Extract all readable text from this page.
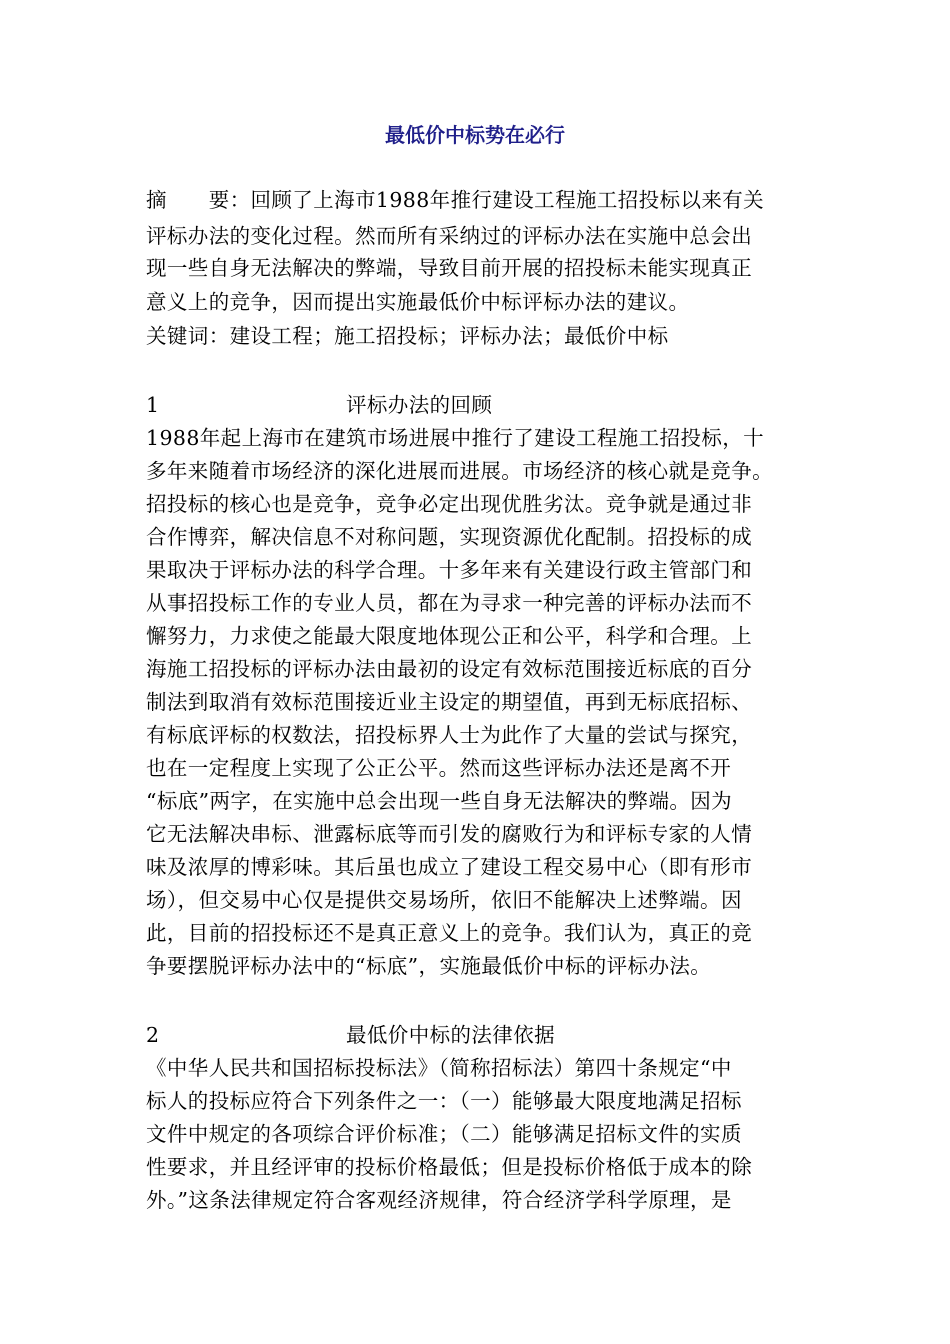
最低价中标势在必行
摘　　要：回顾了上海市1988年推行建设工程施工招投标以来有关
评标办法的变化过程。然而所有采纳过的评标办法在实施中总会出
现一些自身无法解决的弊端，导致目前开展的招投标未能实现真正
意义上的竞争，因而提出实施最低价中标评标办法的建议。
关键词：建设工程；施工招投标；评标办法；最低价中标
1	评标办法的回顾
1988年起上海市在建筑市场进展中推行了建设工程施工招投标，十
多年来随着市场经济的深化进展而进展。市场经济的核心就是竞争。
招投标的核心也是竞争，竞争必定出现优胜劣汰。竞争就是通过非
合作博弈，解决信息不对称问题，实现资源优化配制。招投标的成
果取决于评标办法的科学合理。十多年来有关建设行政主管部门和
从事招投标工作的专业人员，都在为寻求一种完善的评标办法而不
懈努力，力求使之能最大限度地体现公正和公平，科学和合理。上
海施工招投标的评标办法由最初的设定有效标范围接近标底的百分
制法到取消有效标范围接近业主设定的期望值，再到无标底招标、
有标底评标的权数法，招投标界人士为此作了大量的尝试与探究，
也在一定程度上实现了公正公平。然而这些评标办法还是离不开
“标底”两字，在实施中总会出现一些自身无法解决的弊端。因为
它无法解决串标、泄露标底等而引发的腐败行为和评标专家的人情
味及浓厚的博彩味。其后虽也成立了建设工程交易中心（即有形市
场），但交易中心仅是提供交易场所，依旧不能解决上述弊端。因
此，目前的招投标还不是真正意义上的竞争。我们认为，真正的竞
争要摆脱评标办法中的“标底”，实施最低价中标的评标办法。
2	最低价中标的法律依据
《中华人民共和国招标投标法》（简称招标法）第四十条规定“中
标人的投标应符合下列条件之一：（一）能够最大限度地满足招标
文件中规定的各项综合评价标准；（二）能够满足招标文件的实质
性要求，并且经评审的投标价格最低；但是投标价格低于成本的除
外。”这条法律规定符合客观经济规律，符合经济学科学原理，是
